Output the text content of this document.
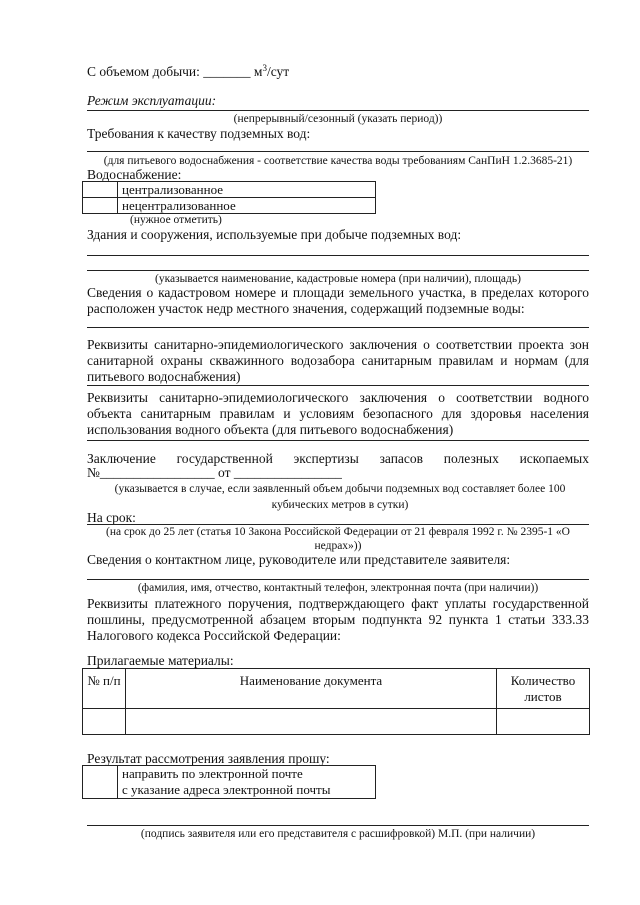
С объемом добычи: _______ $м^3$/сут
Режим эксплуатации:
(непрерывный/сезонный (указать период))
Требования к качеству подземных вод:
(для питьевого водоснабжения - соответствие качества воды требованиям СанПиН 1.2.3685-21)
Водоснабжение:
	централизованное
	нецентрализованное
(нужное отметить)
Здания и сооружения, используемые при добыче подземных вод:
(указывается наименование, кадастровые номера (при наличии), площадь)
Сведения о кадастровом номере и площади земельного участка, в пределах которого расположен участок недр местного значения, содержащий подземные воды:
Реквизиты санитарно-эпидемиологического заключения о соответствии проекта зон санитарной охраны скважинного водозабора санитарным правилам и нормам (для питьевого водоснабжения)
Реквизиты санитарно-эпидемиологического заключения о соответствии водного объекта санитарным правилам и условиям безопасного для здоровья населения использования водного объекта (для питьевого водоснабжения)
Заключение государственной экспертизы запасов полезных ископаемых
№_________________ от ________________
(указывается в случае, если заявленный объем добычи подземных вод составляет более 100 кубических метров в сутки)
На срок:
(на срок до 25 лет (статья 10 Закона Российской Федерации от 21 февраля 1992 г. № 2395-1 «О недрах»))
Сведения о контактном лице, руководителе или представителе заявителя:
(фамилия, имя, отчество, контактный телефон, электронная почта (при наличии))
Реквизиты платежного поручения, подтверждающего факт уплаты государственной пошлины, предусмотренной абзацем вторым подпункта 92 пункта 1 статьи 333.33 Налогового кодекса Российской Федерации:
Прилагаемые материалы:
№ п/п	Наименование документа	Количество листов

Результат рассмотрения заявления прошу:

направить по электронной почте
с указание адреса электронной почты
(подпись заявителя или его представителя с расшифровкой) М.П. (при наличии)
